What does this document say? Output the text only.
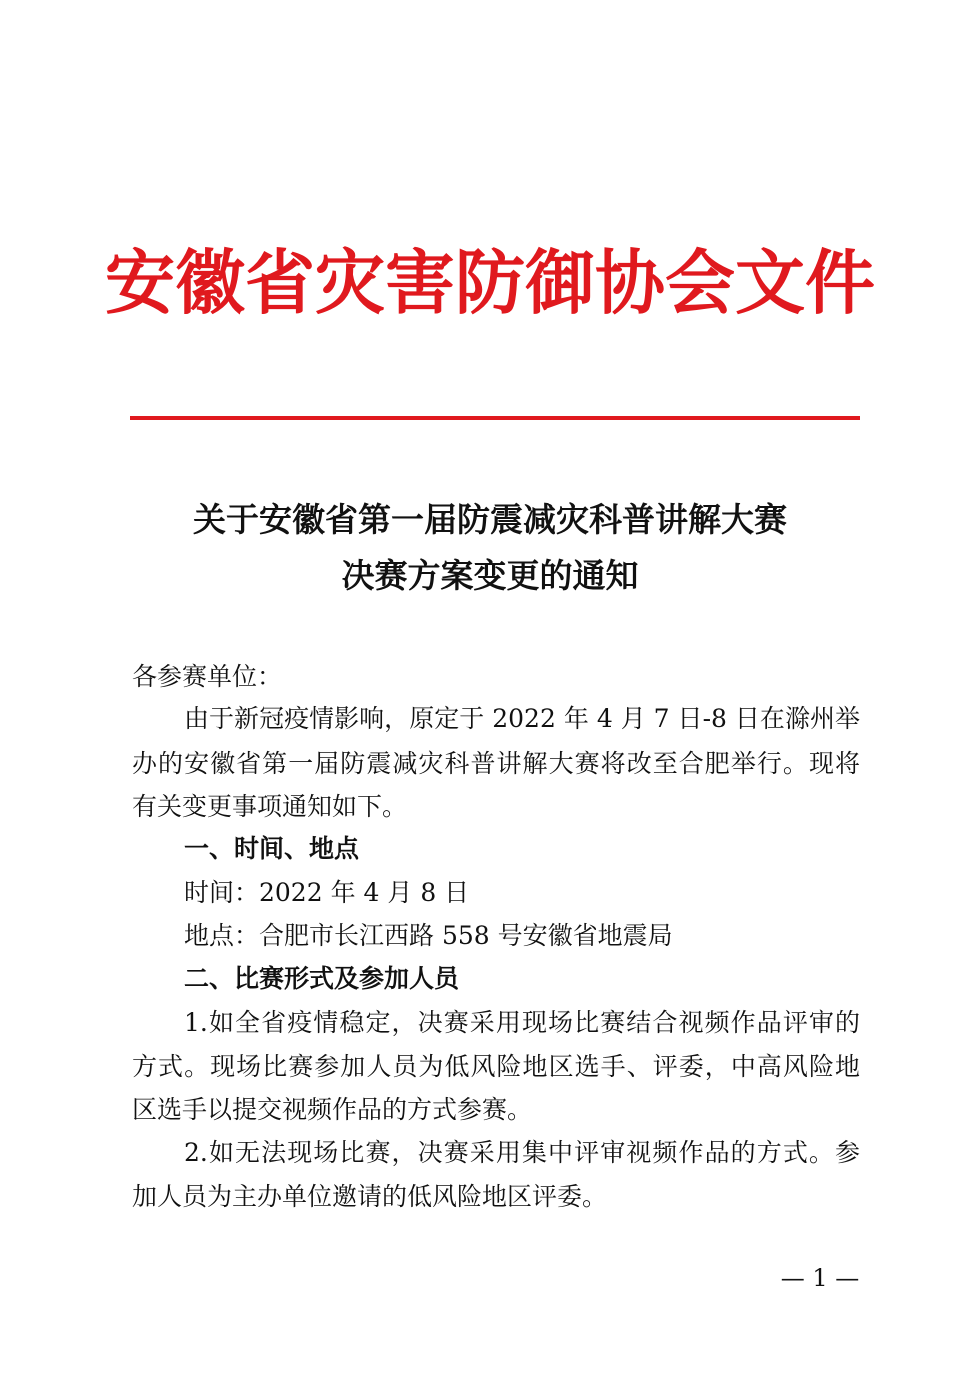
安徽省灾害防御协会文件
关于安徽省第一届防震减灾科普讲解大赛
决赛方案变更的通知
各参赛单位：
由于新冠疫情影响，原定于 2022 年 4 月 7 日-8 日在滁州举
办的安徽省第一届防震减灾科普讲解大赛将改至合肥举行。现将
有关变更事项通知如下。
一、时间、地点
时间：2022 年 4 月 8 日
地点：合肥市长江西路 558 号安徽省地震局
二、比赛形式及参加人员
1.如全省疫情稳定，决赛采用现场比赛结合视频作品评审的
方式。现场比赛参加人员为低风险地区选手、评委，中高风险地
区选手以提交视频作品的方式参赛。
2.如无法现场比赛，决赛采用集中评审视频作品的方式。参
加人员为主办单位邀请的低风险地区评委。
— 1 —
